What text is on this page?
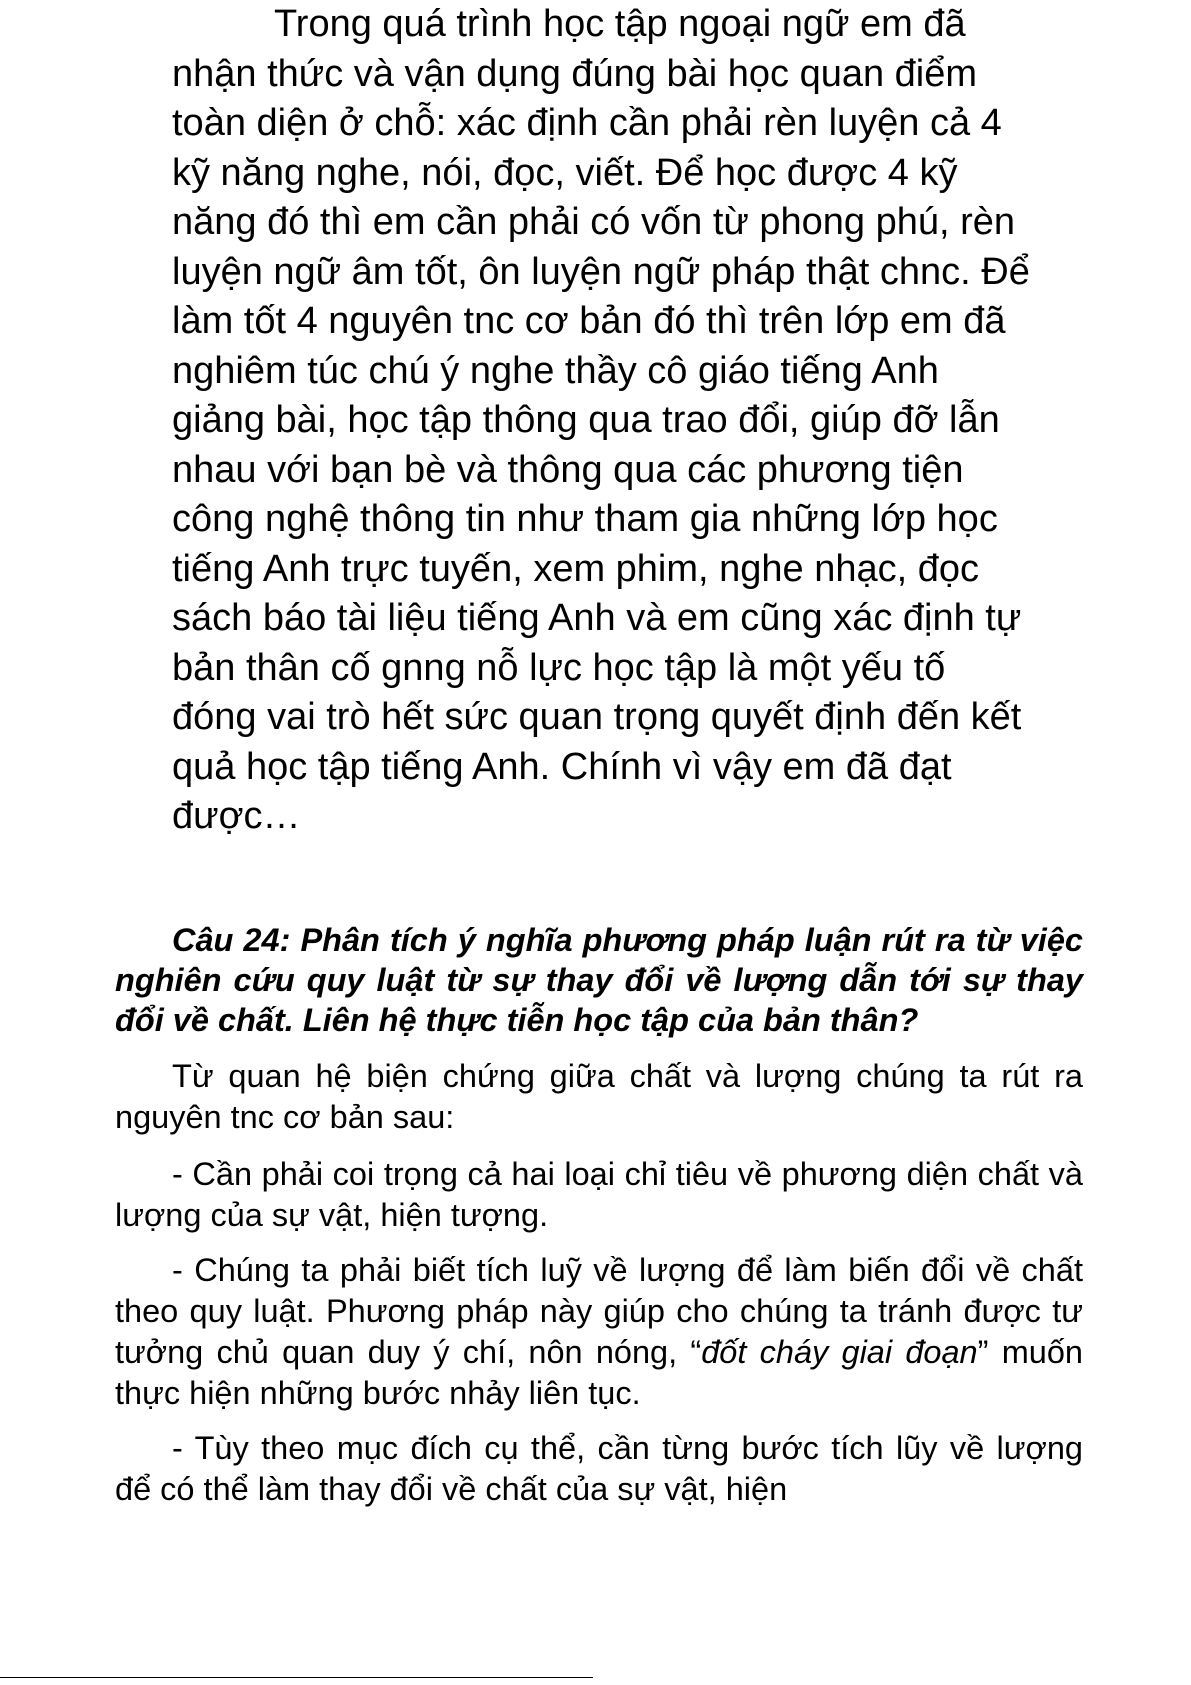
Trong quá trình học tập ngoại ngữ em đã
nhận thức và vận dụng đúng bài học quan điểm
toàn diện ở chỗ: xác định cần phải rèn luyện cả 4
kỹ năng nghe, nói, đọc, viết. Để học được 4 kỹ
năng đó thì em cần phải có vốn từ phong phú, rèn
luyện ngữ âm tốt, ôn luyện ngữ pháp thật chnc. Để
làm tốt 4 nguyên tnc cơ bản đó thì trên lớp em đã
nghiêm túc chú ý nghe thầy cô giáo tiếng Anh
giảng bài, học tập thông qua trao đổi, giúp đỡ lẫn
nhau với bạn bè và thông qua các phương tiện
công nghệ thông tin như tham gia những lớp học
tiếng Anh trực tuyến, xem phim, nghe nhạc, đọc
sách báo tài liệu tiếng Anh và em cũng xác định tự
bản thân cố gnng nỗ lực học tập là một yếu tố
đóng vai trò hết sức quan trọng quyết định đến kết
quả học tập tiếng Anh. Chính vì vậy em đã đạt
được…

Câu 24: Phân tích ý nghĩa phương pháp luận rút ra từ việc nghiên cứu quy luật từ sự thay đổi về lượng dẫn tới sự thay đổi về chất. Liên hệ thực tiễn học tập của bản thân?

Từ quan hệ biện chứng giữa chất và lượng chúng ta rút ra nguyên tnc cơ bản sau:

- Cần phải coi trọng cả hai loại chỉ tiêu về phương diện chất và lượng của sự vật, hiện tượng.

- Chúng ta phải biết tích luỹ về lượng để làm biến đổi về chất theo quy luật. Phương pháp này giúp cho chúng ta tránh được tư tưởng chủ quan duy ý chí, nôn nóng, “đốt cháy giai đoạn” muốn thực hiện những bước nhảy liên tục.

- Tùy theo mục đích cụ thể, cần từng bước tích lũy về lượng để có thể làm thay đổi về chất của sự vật, hiện
